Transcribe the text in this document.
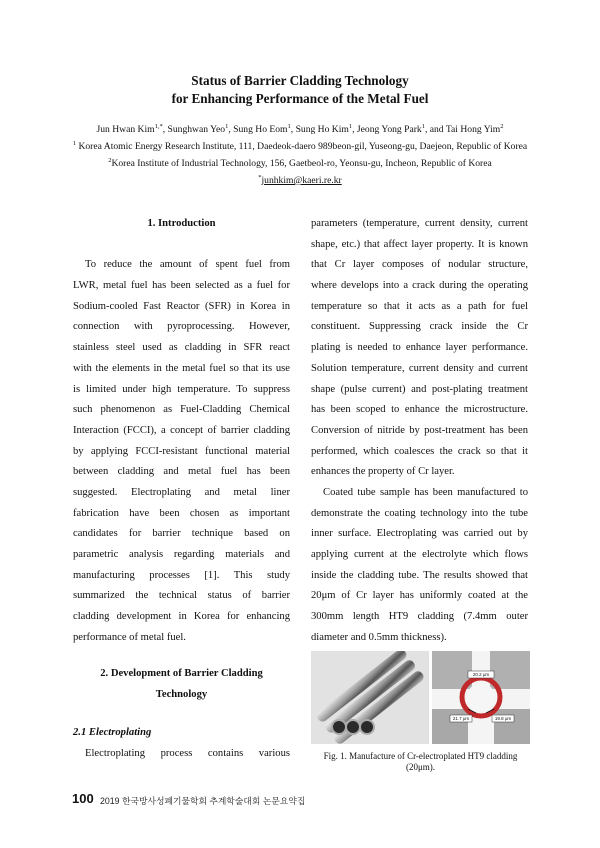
Status of Barrier Cladding Technology
for Enhancing Performance of the Metal Fuel
Jun Hwan Kim$^{1,*}$, Sunghwan Yeo$^1$, Sung Ho Eom$^1$, Sung Ho Kim$^1$, Jeong Yong Park$^1$, and Tai Hong Yim$^2$
$^1$ Korea Atomic Energy Research Institute, 111, Daedeok-daero 989beon-gil, Yuseong-gu, Daejeon, Republic of Korea
$^2$Korea Institute of Industrial Technology, 156, Gaetbeol-ro, Yeonsu-gu, Incheon, Republic of Korea
*junhkim@kaeri.re.kr
1. Introduction
To reduce the amount of spent fuel from
LWR, metal fuel has been selected as a fuel for
Sodium-cooled Fast Reactor (SFR) in Korea in
connection with pyroprocessing. However,
stainless steel used as cladding in SFR react
with the elements in the metal fuel so that its use
is limited under high temperature. To suppress
such phenomenon as Fuel-Cladding Chemical
Interaction (FCCI), a concept of barrier cladding
by applying FCCI-resistant functional material
between cladding and metal fuel has been
suggested. Electroplating and metal liner
fabrication have been chosen as important
candidates for barrier technique based on
parametric analysis regarding materials and
manufacturing processes [1]. This study
summarized the technical status of barrier
cladding development in Korea for enhancing
performance of metal fuel.
2. Development of Barrier Cladding
Technology
2.1 Electroplating
Electroplating process contains various
parameters (temperature, current density, current
shape, etc.) that affect layer property. It is known
that Cr layer composes of nodular structure,
where develops into a crack during the operating
temperature so that it acts as a path for fuel
constituent. Suppressing crack inside the Cr
plating is needed to enhance layer performance.
Solution temperature, current density and current
shape (pulse current) and post-plating treatment
has been scoped to enhance the microstructure.
Conversion of nitride by post-treatment has been
performed, which coalesces the crack so that it
enhances the property of Cr layer.
Coated tube sample has been manufactured to
demonstrate the coating technology into the tube
inner surface. Electroplating was carried out by
applying current at the electrolyte which flows
inside the cladding tube. The results showed that
20μm of Cr layer has uniformly coated at the
300mm length HT9 cladding (7.4mm outer
diameter and 0.5mm thickness).
20.2 μm
21.7 μm	19.8 μm
Fig. 1. Manufacture of Cr-electroplated HT9 cladding
(20μm).
100 2019 한국방사성폐기물학회 추계학술대회 논문요약집
